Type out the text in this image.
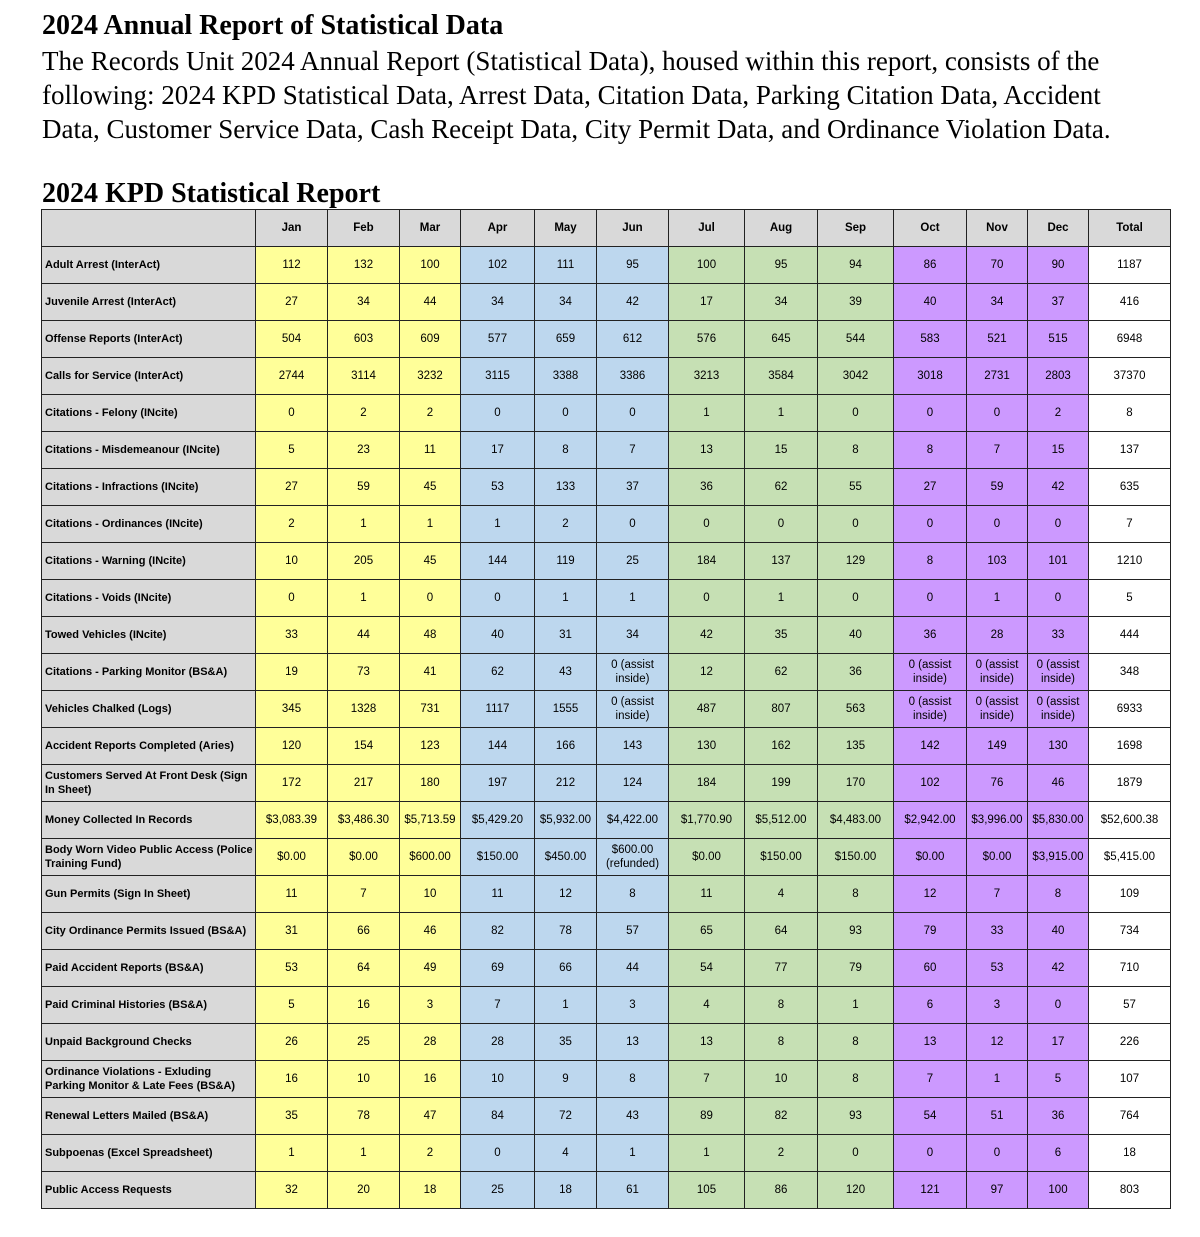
2024 Annual Report of Statistical Data
The Records Unit 2024 Annual Report (Statistical Data), housed within this report, consists of the
following: 2024 KPD Statistical Data, Arrest Data, Citation Data, Parking Citation Data, Accident
Data, Customer Service Data, Cash Receipt Data, City Permit Data, and Ordinance Violation Data.
2024 KPD Statistical Report
	Jan	Feb	Mar	Apr	May	Jun	Jul	Aug	Sep	Oct	Nov	Dec	Total
Adult Arrest (InterAct)	112	132	100	102	111	95	100	95	94	86	70	90	1187
Juvenile Arrest (InterAct)	27	34	44	34	34	42	17	34	39	40	34	37	416
Offense Reports (InterAct)	504	603	609	577	659	612	576	645	544	583	521	515	6948
Calls for Service (InterAct)	2744	3114	3232	3115	3388	3386	3213	3584	3042	3018	2731	2803	37370
Citations - Felony (INcite)	0	2	2	0	0	0	1	1	0	0	0	2	8
Citations - Misdemeanour (INcite)	5	23	11	17	8	7	13	15	8	8	7	15	137
Citations - Infractions (INcite)	27	59	45	53	133	37	36	62	55	27	59	42	635
Citations - Ordinances (INcite)	2	1	1	1	2	0	0	0	0	0	0	0	7
Citations - Warning (INcite)	10	205	45	144	119	25	184	137	129	8	103	101	1210
Citations - Voids (INcite)	0	1	0	0	1	1	0	1	0	0	1	0	5
Towed Vehicles (INcite)	33	44	48	40	31	34	42	35	40	36	28	33	444
Citations - Parking Monitor (BS&A)	19	73	41	62	43	0 (assist inside)	12	62	36	0 (assist inside)	0 (assist inside)	0 (assist inside)	348
Vehicles Chalked (Logs)	345	1328	731	1117	1555	0 (assist inside)	487	807	563	0 (assist inside)	0 (assist inside)	0 (assist inside)	6933
Accident Reports Completed (Aries)	120	154	123	144	166	143	130	162	135	142	149	130	1698
Customers Served At Front Desk (Sign In Sheet)	172	217	180	197	212	124	184	199	170	102	76	46	1879
Money Collected In Records	$3,083.39	$3,486.30	$5,713.59	$5,429.20	$5,932.00	$4,422.00	$1,770.90	$5,512.00	$4,483.00	$2,942.00	$3,996.00	$5,830.00	$52,600.38
Body Worn Video Public Access (Police Training Fund)	$0.00	$0.00	$600.00	$150.00	$450.00	$600.00 (refunded)	$0.00	$150.00	$150.00	$0.00	$0.00	$3,915.00	$5,415.00
Gun Permits (Sign In Sheet)	11	7	10	11	12	8	11	4	8	12	7	8	109
City Ordinance Permits Issued (BS&A)	31	66	46	82	78	57	65	64	93	79	33	40	734
Paid Accident Reports (BS&A)	53	64	49	69	66	44	54	77	79	60	53	42	710
Paid Criminal Histories (BS&A)	5	16	3	7	1	3	4	8	1	6	3	0	57
Unpaid Background Checks	26	25	28	28	35	13	13	8	8	13	12	17	226
Ordinance Violations - Exluding Parking Monitor & Late Fees (BS&A)	16	10	16	10	9	8	7	10	8	7	1	5	107
Renewal Letters Mailed (BS&A)	35	78	47	84	72	43	89	82	93	54	51	36	764
Subpoenas (Excel Spreadsheet)	1	1	2	0	4	1	1	2	0	0	0	6	18
Public Access Requests	32	20	18	25	18	61	105	86	120	121	97	100	803
